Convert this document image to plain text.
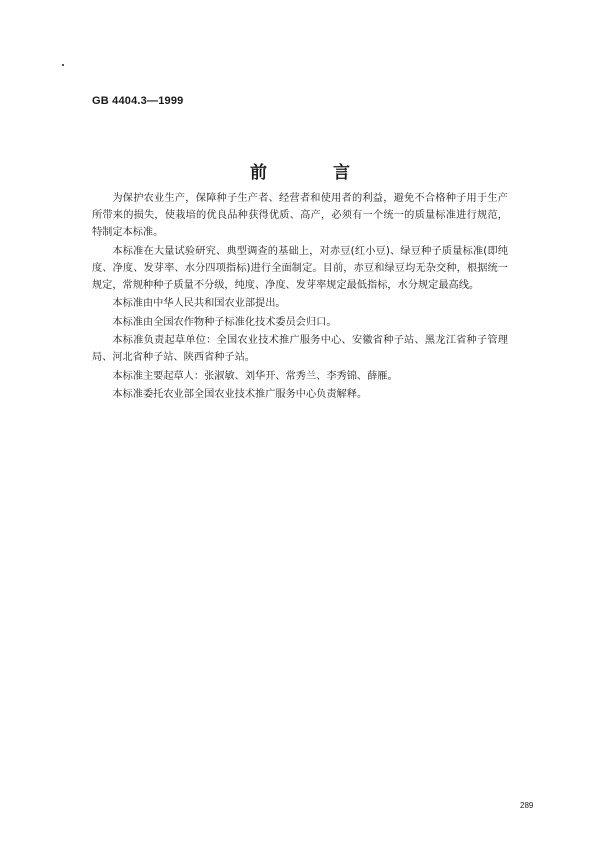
GB 4404.3—1999
前 言

为保护农业生产，保障种子生产者、经营者和使用者的利益，避免不合格种子用于生产所带来的损失，使栽培的优良品种获得优质、高产，必须有一个统一的质量标准进行规范，特制定本标准。

本标准在大量试验研究、典型调查的基础上，对赤豆(红小豆)、绿豆种子质量标准(即纯度、净度、发芽率、水分四项指标)进行全面制定。目前，赤豆和绿豆均无杂交种，根据统一规定，常规种种子质量不分级，纯度、净度、发芽率规定最低指标，水分规定最高线。

本标准由中华人民共和国农业部提出。

本标准由全国农作物种子标准化技术委员会归口。

本标准负责起草单位：全国农业技术推广服务中心、安徽省种子站、黑龙江省种子管理局、河北省种子站、陕西省种子站。

本标准主要起草人：张淑敏、刘华开、常秀兰、李秀锦、薛雁。

本标准委托农业部全国农业技术推广服务中心负责解释。

289
